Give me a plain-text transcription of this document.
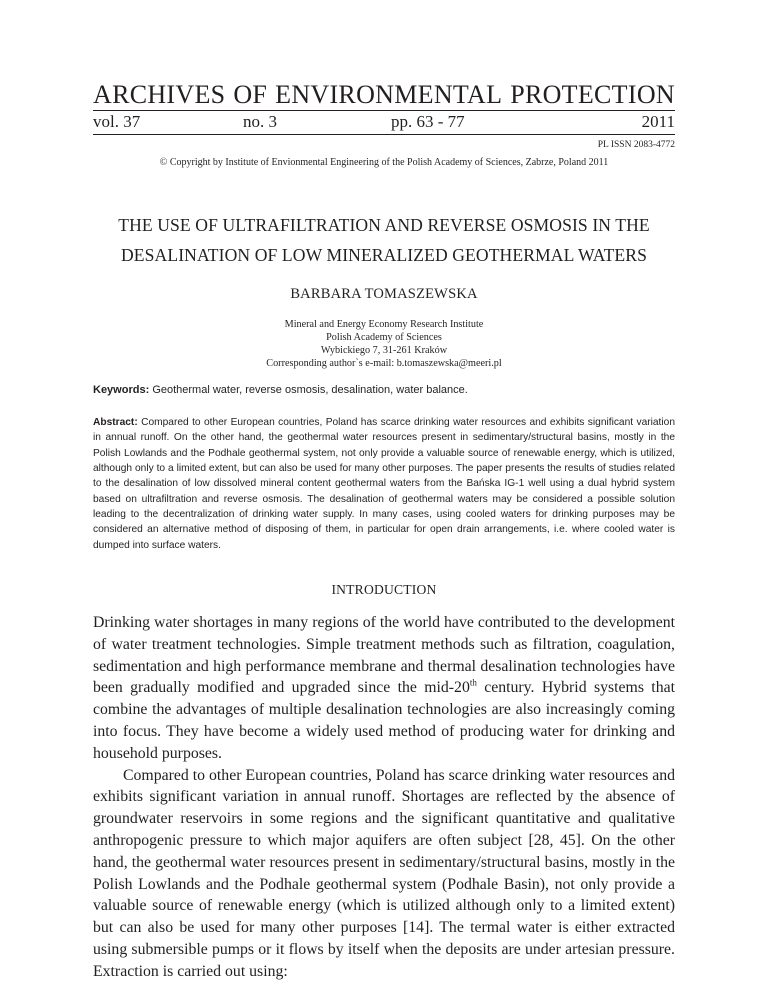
ARCHIVES OF ENVIRONMENTAL PROTECTION
vol. 37	no. 3	pp. 63 - 77	2011
PL ISSN 2083-4772
© Copyright by Institute of Envionmental Engineering of the Polish Academy of Sciences, Zabrze, Poland 2011
THE USE OF ULTRAFILTRATION AND REVERSE OSMOSIS IN THE
DESALINATION OF LOW MINERALIZED GEOTHERMAL WATERS
BARBARA TOMASZEWSKA
Mineral and Energy Economy Research Institute
Polish Academy of Sciences
Wybickiego 7, 31-261 Kraków
Corresponding author`s e-mail: b.tomaszewska@meeri.pl
Keywords: Geothermal water, reverse osmosis, desalination, water balance.
Abstract: Compared to other European countries, Poland has scarce drinking water resources and exhibits significant variation in annual runoff. On the other hand, the geothermal water resources present in sedimentary/structural basins, mostly in the Polish Lowlands and the Podhale geothermal system, not only provide a valuable source of renewable energy, which is utilized, although only to a limited extent, but can also be used for many other purposes. The paper presents the results of studies related to the desalination of low dissolved mineral content geothermal waters from the Bańska IG-1 well using a dual hybrid system based on ultrafiltration and reverse osmosis. The desalination of geothermal waters may be considered a possible solution leading to the decentralization of drinking water supply. In many cases, using cooled waters for drinking purposes may be considered an alternative method of disposing of them, in particular for open drain arrangements, i.e. where cooled water is dumped into surface waters.
INTRODUCTION

Drinking water shortages in many regions of the world have contributed to the development of water treatment technologies. Simple treatment methods such as filtration, coagulation, sedimentation and high performance membrane and thermal desalination technologies have been gradually modified and upgraded since the mid-20th century. Hybrid systems that combine the advantages of multiple desalination technologies are also increasingly coming into focus. They have become a widely used method of producing water for drinking and household purposes.

Compared to other European countries, Poland has scarce drinking water resources and exhibits significant variation in annual runoff. Shortages are reflected by the absence of groundwater reservoirs in some regions and the significant quantitative and qualitative anthropogenic pressure to which major aquifers are often subject [28, 45]. On the other hand, the geothermal water resources present in sedimentary/structural basins, mostly in the Polish Lowlands and the Podhale geothermal system (Podhale Basin), not only provide a valuable source of renewable energy (which is utilized although only to a limited extent) but can also be used for many other purposes [14]. The termal water is either extracted using submersible pumps or it flows by itself when the deposits are under artesian pressure. Extraction is carried out using:
